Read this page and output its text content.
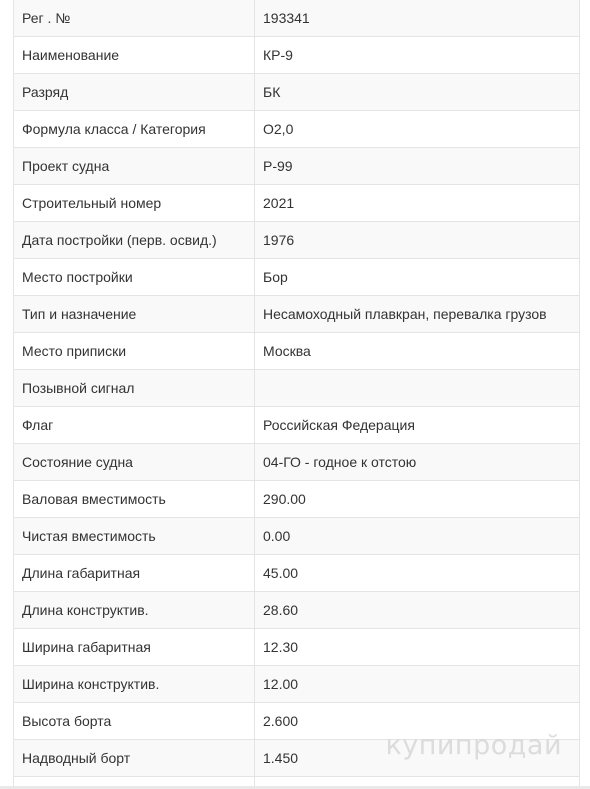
Рег . №	193341
Наименование	КР-9
Разряд	БК
Формула класса / Категория	О2,0
Проект судна	Р-99
Строительный номер	2021
Дата постройки (перв. освид.)	1976
Место постройки	Бор
Тип и назначение	Несамоходный плавкран, перевалка грузов
Место приписки	Москва
Позывной сигнал	
Флаг	Российская Федерация
Состояние судна	04-ГО - годное к отстою
Валовая вместимость	290.00
Чистая вместимость	0.00
Длина габаритная	45.00
Длина конструктив.	28.60
Ширина габаритная	12.30
Ширина конструктив.	12.00
Высота борта	2.600
Надводный борт	1.450
		купипродай
